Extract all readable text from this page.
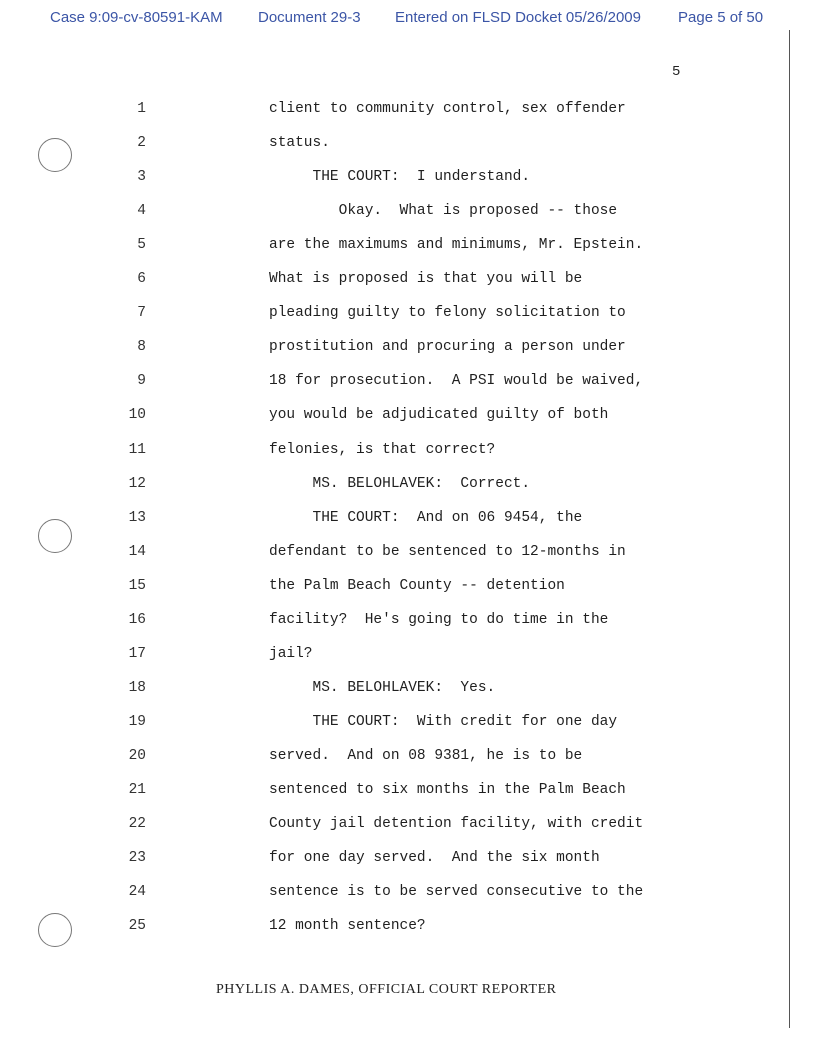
Case 9:09-cv-80591-KAM Document 29-3 Entered on FLSD Docket 05/26/2009 Page 5 of 50
5
1	client to community control, sex offender
2	status.
3	THE COURT:  I understand.
4	Okay.  What is proposed -- those
5	are the maximums and minimums, Mr. Epstein.
6	What is proposed is that you will be
7	pleading guilty to felony solicitation to
8	prostitution and procuring a person under
9	18 for prosecution.  A PSI would be waived,
10	you would be adjudicated guilty of both
11	felonies, is that correct?
12	MS. BELOHLAVEK:  Correct.
13	THE COURT:  And on 06 9454, the
14	defendant to be sentenced to 12-months in
15	the Palm Beach County -- detention
16	facility?  He's going to do time in the
17	jail?
18	MS. BELOHLAVEK:  Yes.
19	THE COURT:  With credit for one day
20	served.  And on 08 9381, he is to be
21	sentenced to six months in the Palm Beach
22	County jail detention facility, with credit
23	for one day served.  And the six month
24	sentence is to be served consecutive to the
25	12 month sentence?
PHYLLIS A. DAMES, OFFICIAL COURT REPORTER
